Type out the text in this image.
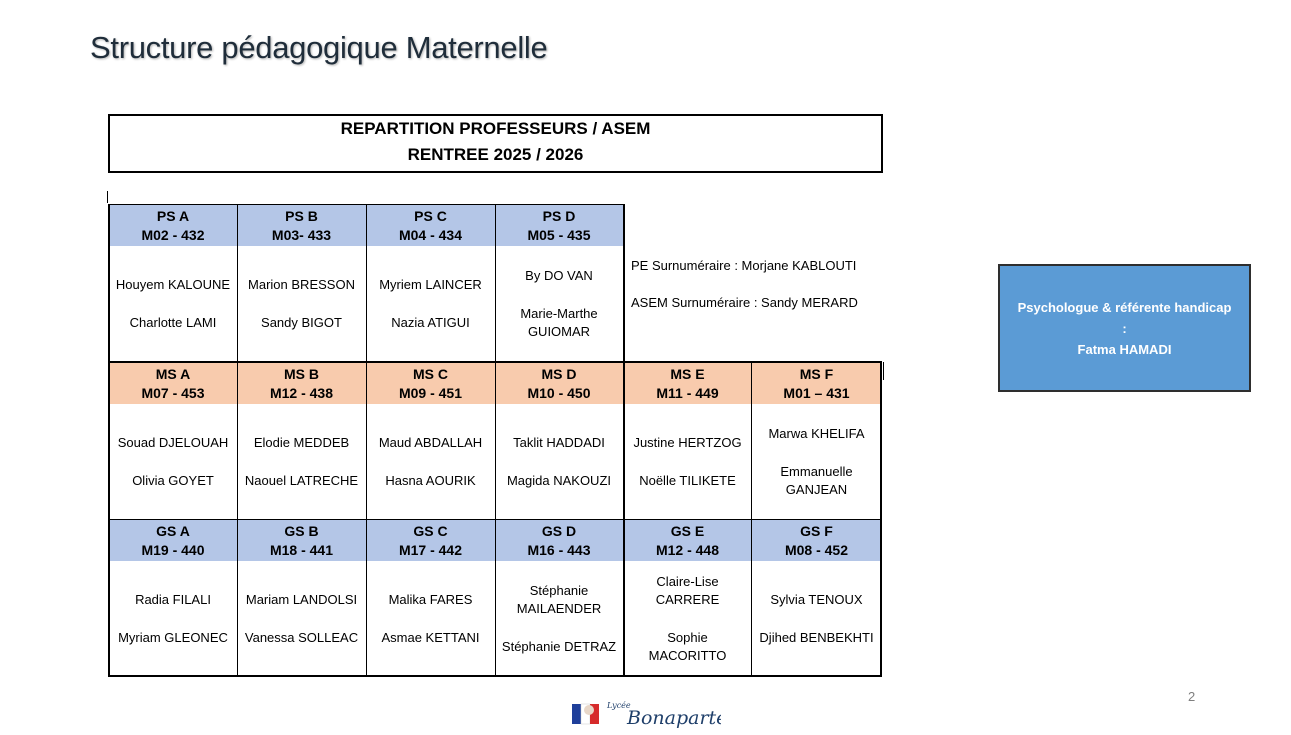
Structure pédagogique Maternelle
REPARTITION PROFESSEURS / ASEM
RENTREE 2025 / 2026
PS A
M02 - 432
Houyem KALOUNE
Charlotte LAMI
PS B
M03- 433
Marion BRESSON
Sandy BIGOT
PS C
M04 - 434
Myriem LAINCER
Nazia ATIGUI
PS D
M05 - 435
By DO VAN
Marie-Marthe GUIOMAR
MS A
M07 - 453
Souad DJELOUAH
Olivia GOYET
MS B
M12 - 438
Elodie MEDDEB
Naouel LATRECHE
MS C
M09 - 451
Maud ABDALLAH
Hasna AOURIK
MS D
M10 - 450
Taklit HADDADI
Magida NAKOUZI
MS E
M11 - 449
Justine HERTZOG
Noëlle TILIKETE
MS F
M01 – 431
Marwa KHELIFA
Emmanuelle GANJEAN
GS A
M19 - 440
Radia FILALI
Myriam GLEONEC
GS B
M18 - 441
Mariam LANDOLSI
Vanessa SOLLEAC
GS C
M17 - 442
Malika FARES
Asmae KETTANI
GS D
M16 - 443
Stéphanie MAILAENDER
Stéphanie DETRAZ
GS E
M12 - 448
Claire-Lise CARRERE
Sophie MACORITTO
GS F
M08 - 452
Sylvia TENOUX
Djihed BENBEKHTI
PE Surnuméraire : Morjane KABLOUTI
ASEM Surnuméraire : Sandy MERARD	Psychologue & référente handicap
:
Fatma HAMADI
2
Lycée
Bonaparte
